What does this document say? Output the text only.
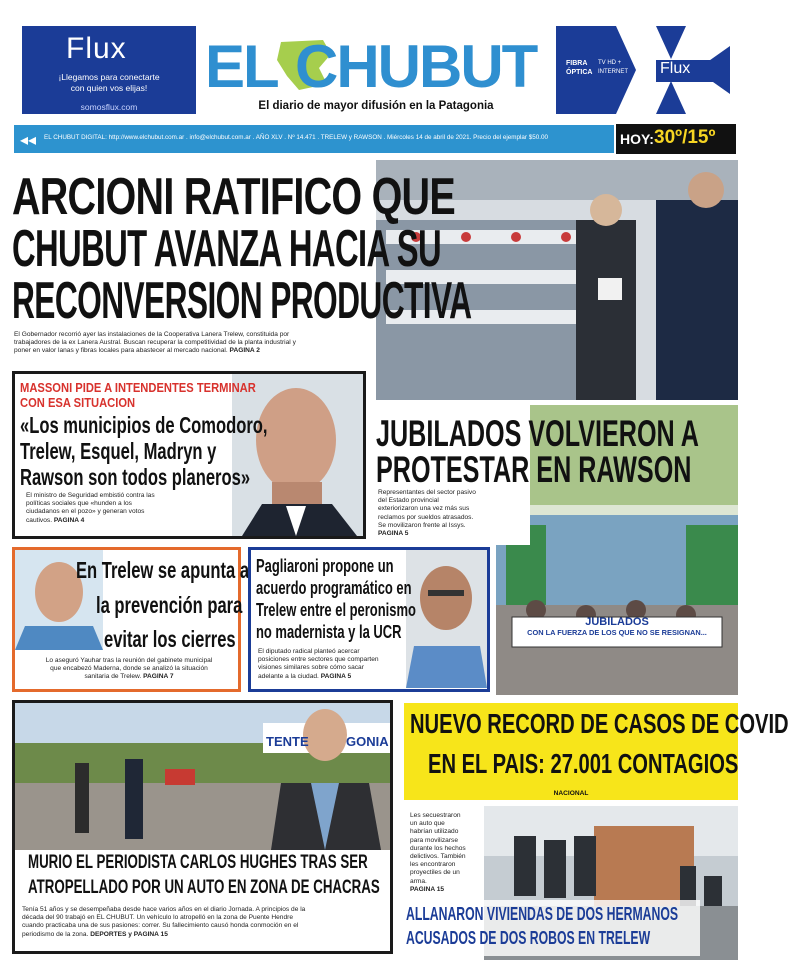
Flux
¡Llegamos para conectarte
con quien vos elijas!
somosflux.com
EL CHUBUT
El diario de mayor difusión en la Patagonia
FIBRA
ÓPTICA
TV HD +
INTERNET Flux
◂◂ EL CHUBUT DIGITAL: http://www.elchubut.com.ar . info@elchubut.com.ar . AÑO XLV . Nº 14.471 . TRELEW y RAWSON . Miércoles 14 de abril de 2021. Precio del ejemplar $50.00	HOY: 30º/15º
ARCIONI RATIFICO QUE
CHUBUT AVANZA HACIA SU
RECONVERSION PRODUCTIVA
El Gobernador recorrió ayer las instalaciones de la Cooperativa Lanera Trelew, constituida por
trabajadores de la ex Lanera Austral. Buscan recuperar la competitividad de la planta industrial y
poner en valor lanas y fibras locales para abastecer al mercado nacional. PAGINA 2
MASSONI PIDE A INTENDENTES TERMINAR
CON ESA SITUACION
«Los municipios de Comodoro,
Trelew, Esquel, Madryn y
Rawson son todos planeros»
El ministro de Seguridad embistió contra las
políticas sociales que «hunden a los
ciudadanos en el pozo» y generan votos
cautivos. PAGINA 4
JUBILADOS
CON LA FUERZA DE LOS QUE NO SE RESIGNAN...
JUBILADOS VOLVIERON A
PROTESTAR EN RAWSON
Representantes del sector pasivo
del Estado provincial
exteriorizaron una vez más sus
reclamos por sueldos atrasados.
Se movilizaron frente al Issys.
PAGINA 5
En Trelew se apunta a
la prevención para
evitar los cierres
Lo aseguró Yauhar tras la reunión del gabinete municipal
que encabezó Maderna, donde se analizó la situación
sanitaria de Trelew. PAGINA 7
Pagliaroni propone un
acuerdo programático en
Trelew entre el peronismo
no madernista y la UCR
El diputado radical planteó acercar
posiciones entre sectores que comparten
visiones similares sobre cómo sacar
adelante a la ciudad. PAGINA 5
TENTE	GONIA
MURIO EL PERIODISTA CARLOS HUGHES TRAS SER
ATROPELLADO POR UN AUTO EN ZONA DE CHACRAS
Tenía 51 años y se desempeñaba desde hace varios años en el diario Jornada. A principios de la
década del 90 trabajó en EL CHUBUT. Un vehículo lo atropelló en la zona de Puente Hendre
cuando practicaba una de sus pasiones: correr. Su fallecimiento causó honda conmoción en el
periodismo de la zona. DEPORTES y PAGINA 15
NUEVO RECORD DE CASOS DE COVID
EN EL PAIS: 27.001 CONTAGIOS
NACIONAL
Les secuestraron
un auto que
habrían utilizado
para movilizarse
durante los hechos
delictivos. También
les encontraron
proyectiles de un
arma.
PAGINA 15
ALLANARON VIVIENDAS DE DOS HERMANOS
ACUSADOS DE DOS ROBOS EN TRELEW
